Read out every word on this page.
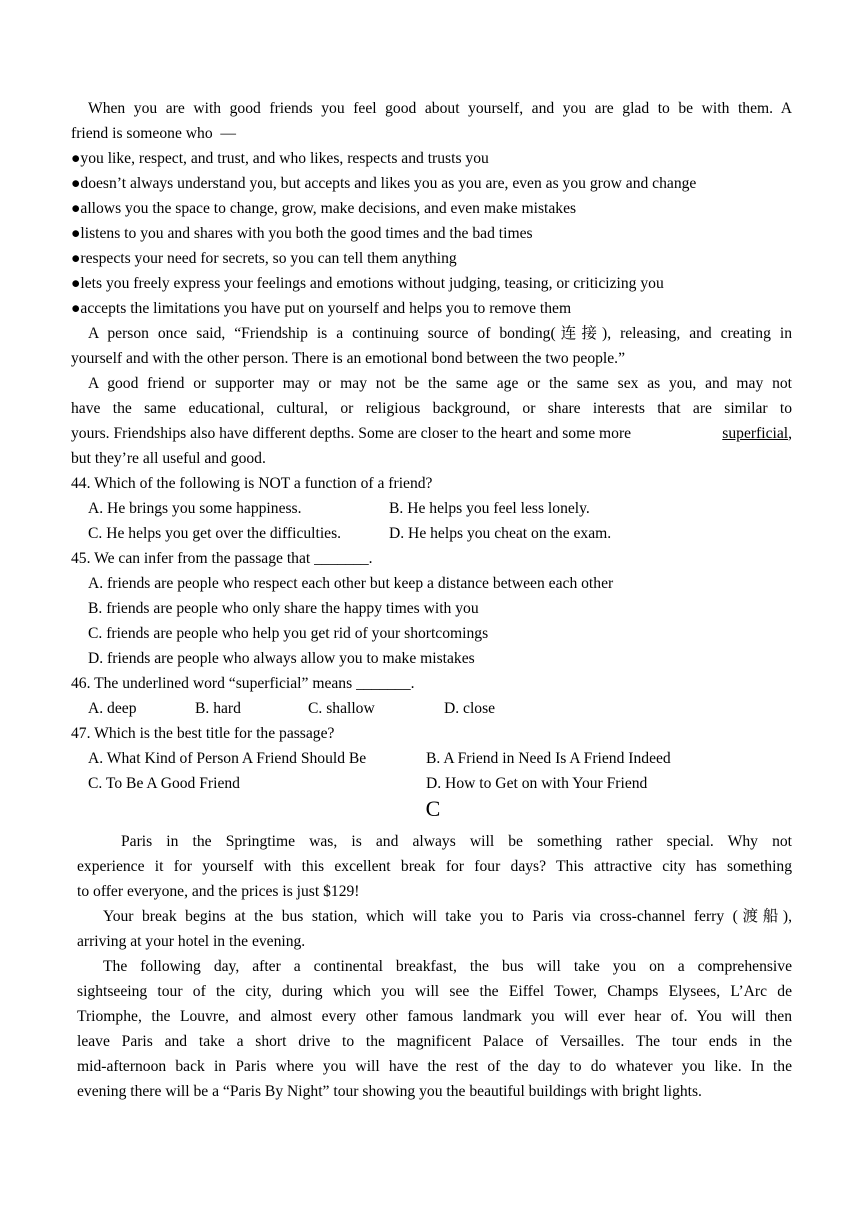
When you are with good friends you feel good about yourself, and you are glad to be with them. A
friend is someone who  —
●you like, respect, and trust, and who likes, respects and trusts you
●doesn’t always understand you, but accepts and likes you as you are, even as you grow and change
●allows you the space to change, grow, make decisions, and even make mistakes
●listens to you and shares with you both the good times and the bad times
●respects your need for secrets, so you can tell them anything
●lets you freely express your feelings and emotions without judging, teasing, or criticizing you
●accepts the limitations you have put on yourself and helps you to remove them
A person once said, “Friendship is a continuing source of bonding(连接), releasing, and creating in
yourself and with the other person. There is an emotional bond between the two people.”
A good friend or supporter may or may not be the same age or the same sex as you, and may not
have the same educational, cultural, or religious background, or share interests that are similar to
yours. Friendships also have different depths. Some are closer to the heart and some more	superficial,
but they’re all useful and good.
44. Which of the following is NOT a function of a friend?
A. He brings you some happiness.	B. He helps you feel less lonely.
C. He helps you get over the difficulties.	D. He helps you cheat on the exam.
45. We can infer from the passage that _______.
A. friends are people who respect each other but keep a distance between each other
B. friends are people who only share the happy times with you
C. friends are people who help you get rid of your shortcomings
D. friends are people who always allow you to make mistakes
46. The underlined word “superficial” means _______.
A. deep	B. hard	C. shallow	D. close
47. Which is the best title for the passage?
A. What Kind of Person A Friend Should Be	B. A Friend in Need Is A Friend Indeed
C. To Be A Good Friend	D. How to Get on with Your Friend
C
Paris in the Springtime was, is and always will be something rather special. Why not
experience it for yourself with this excellent break for four days? This attractive city has something
to offer everyone, and the prices is just $129!
Your break begins at the bus station, which will take you to Paris via cross-channel ferry (渡船),
arriving at your hotel in the evening.
The following day, after a continental breakfast, the bus will take you on a comprehensive
sightseeing tour of the city, during which you will see the Eiffel Tower, Champs Elysees, L’Arc de
Triomphe, the Louvre, and almost every other famous landmark you will ever hear of. You will then
leave Paris and take a short drive to the magnificent Palace of Versailles. The tour ends in the
mid-afternoon back in Paris where you will have the rest of the day to do whatever you like. In the
evening there will be a “Paris By Night” tour showing you the beautiful buildings with bright lights.
